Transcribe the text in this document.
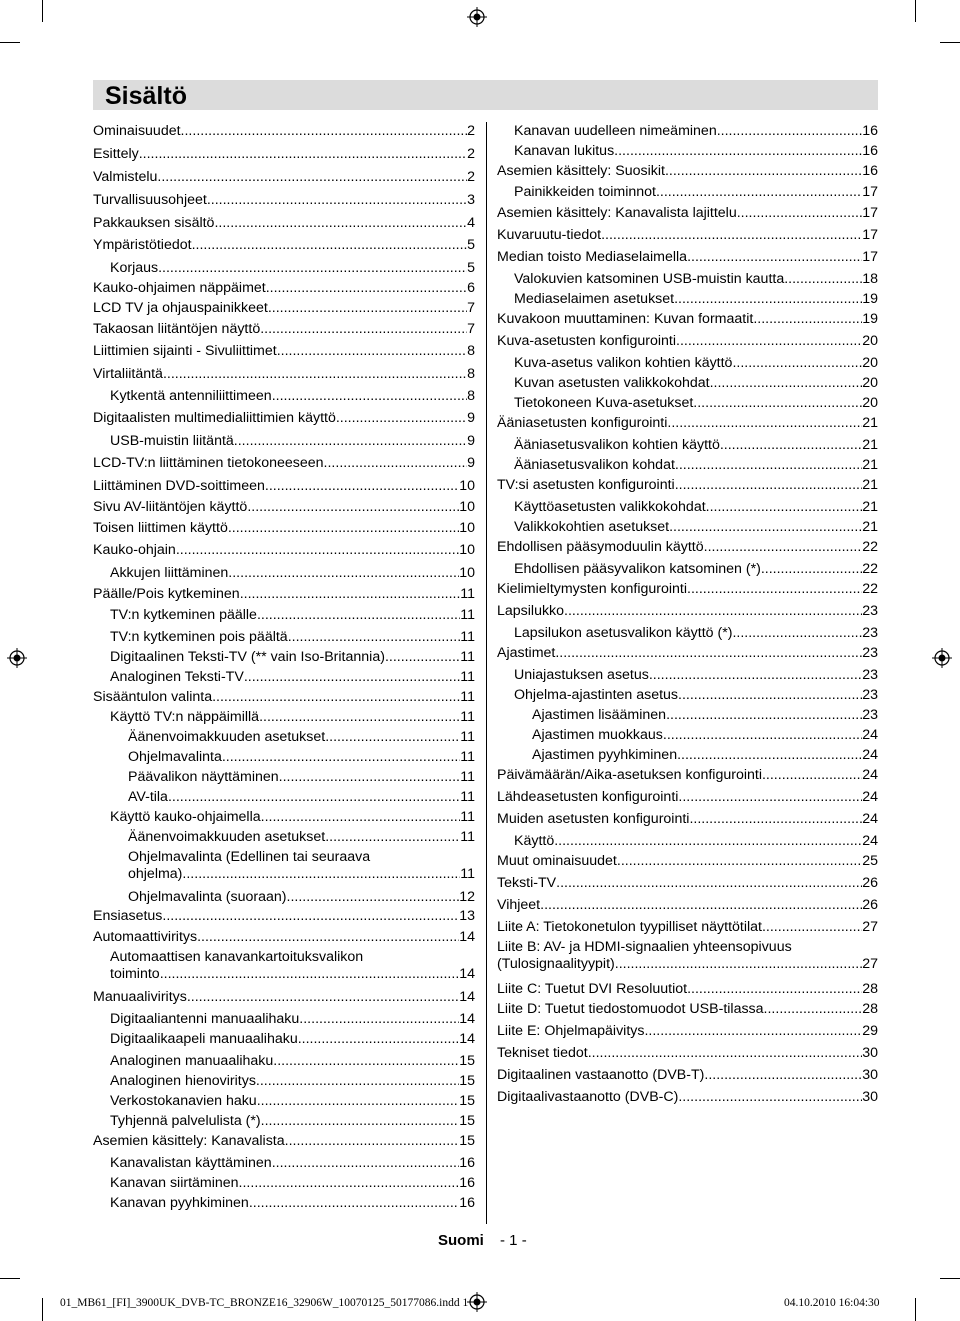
Sisältö
Ominaisuudet .....	2
Esittely .....	2
Valmistelu .....	2
Turvallisuusohjeet .....	3
Pakkauksen sisältö .....	4
Ympäristötiedot .....	5
Korjaus .....	5
Kauko-ohjaimen näppäimet .....	6
LCD TV ja ohjauspainikkeet .....	7
Takaosan liitäntöjen näyttö .....	7
Liittimien sijainti - Sivuliittimet .....	8
Virtaliitäntä .....	8
Kytkentä antenniliittimeen .....	8
Digitaalisten multimedialiittimien käyttö .....	9
USB-muistin liitäntä .....	9
LCD-TV:n liittäminen tietokoneeseen .....	9
Liittäminen DVD-soittimeen .....	10
Sivu AV-liitäntöjen käyttö .....	10
Toisen liittimen käyttö .....	10
Kauko-ohjain .....	10
Akkujen liittäminen .....	10
Päälle/Pois kytkeminen .....	11
TV:n kytkeminen päälle .....	11
TV:n kytkeminen pois päältä .....	11
Digitaalinen Teksti-TV (** vain Iso-Britannia) .....	11
Analoginen Teksti-TV .....	11
Sisääntulon valinta .....	11
Käyttö TV:n näppäimillä .....	11
Äänenvoimakkuuden asetukset .....	11
Ohjelmavalinta .....	11
Päävalikon näyttäminen .....	11
AV-tila .....	11
Käyttö kauko-ohjaimella .....	11
Äänenvoimakkuuden asetukset .....	11
Ohjelmavalinta (Edellinen tai seuraava
ohjelma) .....	11
Ohjelmavalinta (suoraan) .....	12
Ensiasetus .....	13
Automaattiviritys .....	14
Automaattisen kanavankartoituksvalikon
toiminto .....	14
Manuaaliviritys .....	14
Digitaaliantenni manuaalihaku .....	14
Digitaalikaapeli manuaalihaku .....	14
Analoginen manuaalihaku .....	15
Analoginen hienoviritys .....	15
Verkostokanavien haku .....	15
Tyhjennä palvelulista (*) .....	15
Asemien käsittely: Kanavalista .....	15
Kanavalistan käyttäminen .....	16
Kanavan siirtäminen .....	16
Kanavan pyyhkiminen .....	16
Kanavan uudelleen nimeäminen .....	16
Kanavan lukitus .....	16
Asemien käsittely: Suosikit .....	16
Painikkeiden toiminnot .....	17
Asemien käsittely: Kanavalista lajittelu .....	17
Kuvaruutu-tiedot .....	17
Median toisto Mediaselaimella .....	17
Valokuvien katsominen USB-muistin kautta .....	18
Mediaselaimen asetukset .....	19
Kuvakoon muuttaminen: Kuvan formaatit .....	19
Kuva-asetusten konfigurointi .....	20
Kuva-asetus valikon kohtien käyttö .....	20
Kuvan asetusten valikkokohdat .....	20
Tietokoneen Kuva-asetukset .....	20
Ääniasetusten konfigurointi .....	21
Ääniasetusvalikon kohtien käyttö .....	21
Ääniasetusvalikon kohdat .....	21
TV:si asetusten konfigurointi .....	21
Käyttöasetusten valikkokohdat .....	21
Valikkokohtien asetukset .....	21
Ehdollisen pääsymoduulin käyttö .....	22
Ehdollisen pääsyvalikon katsominen (*) .....	22
Kielimieltymysten konfigurointi .....	22
Lapsilukko .....	23
Lapsilukon asetusvalikon käyttö (*) .....	23
Ajastimet .....	23
Uniajastuksen asetus .....	23
Ohjelma-ajastinten asetus .....	23
Ajastimen lisääminen .....	23
Ajastimen muokkaus .....	24
Ajastimen pyyhkiminen .....	24
Päivämäärän/Aika-asetuksen konfigurointi .....	24
Lähdeasetusten konfigurointi .....	24
Muiden asetusten konfigurointi .....	24
Käyttö .....	24
Muut ominaisuudet .....	25
Teksti-TV .....	26
Vihjeet .....	26
Liite A: Tietokonetulon tyypilliset näyttötilat .....	27
Liite B: AV- ja HDMI-signaalien yhteensopivuus
(Tulosignaalityypit) .....	27
Liite C: Tuetut DVI Resoluutiot .....	28
Liite D: Tuetut tiedostomuodot USB-tilassa .....	28
Liite E: Ohjelmapäivitys .....	29
Tekniset tiedot .....	30
Digitaalinen vastaanotto (DVB-T) .....	30
Digitaalivastaanotto (DVB-C) .....	30
Suomi - 1 -
01_MB61_[FI]_3900UK_DVB-TC_BRONZE16_32906W_10070125_50177086.indd 1	04.10.2010 16:04:30
